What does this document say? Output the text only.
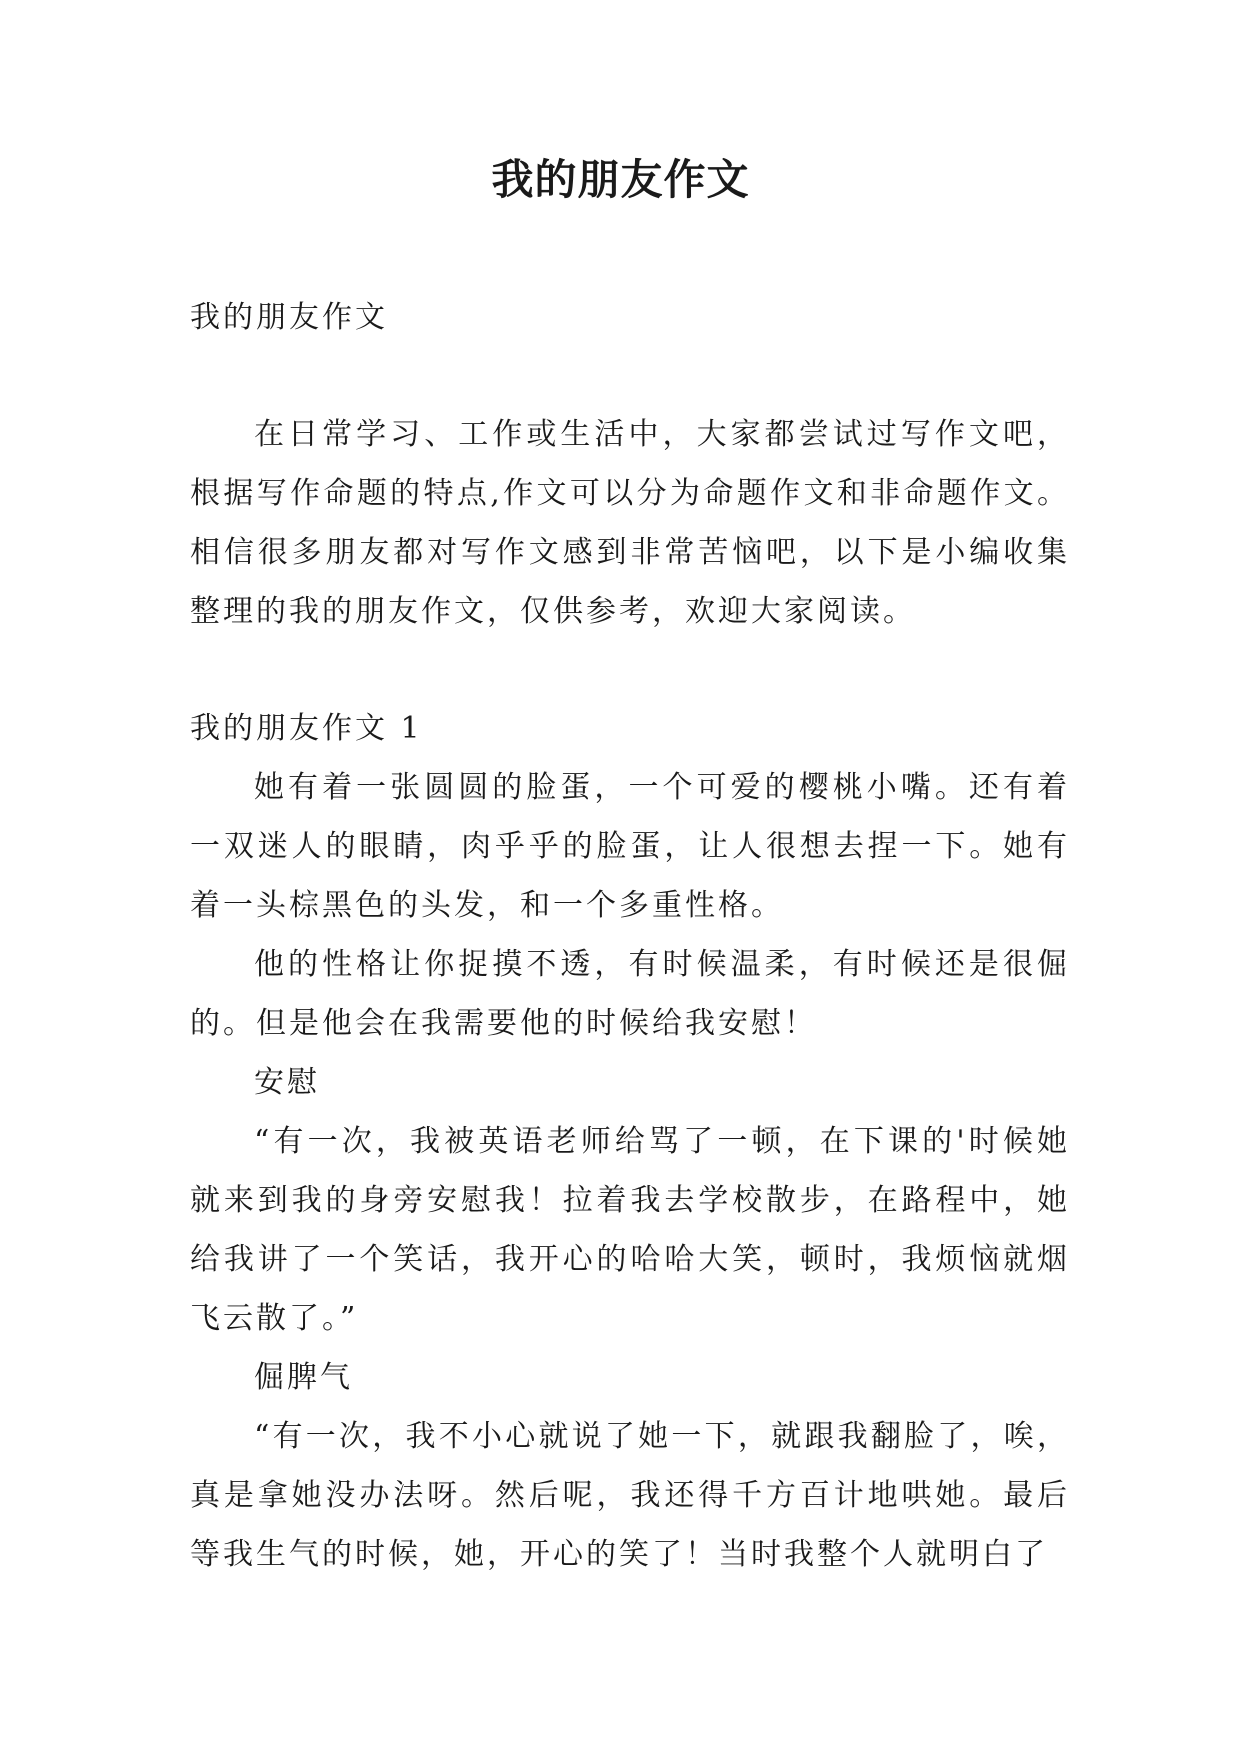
我的朋友作文

我的朋友作文

在日常学习、工作或生活中，大家都尝试过写作文吧，根据写作命题的特点,作文可以分为命题作文和非命题作文。相信很多朋友都对写作文感到非常苦恼吧，以下是小编收集整理的我的朋友作文，仅供参考，欢迎大家阅读。

我的朋友作文 1

她有着一张圆圆的脸蛋，一个可爱的樱桃小嘴。还有着一双迷人的眼睛，肉乎乎的脸蛋，让人很想去捏一下。她有着一头棕黑色的头发，和一个多重性格。

他的性格让你捉摸不透，有时候温柔，有时候还是很倔的。但是他会在我需要他的时候给我安慰！

安慰

“有一次，我被英语老师给骂了一顿，在下课的'时候她就来到我的身旁安慰我！拉着我去学校散步，在路程中，她给我讲了一个笑话，我开心的哈哈大笑，顿时，我烦恼就烟飞云散了。”

倔脾气

“有一次，我不小心就说了她一下，就跟我翻脸了，唉，真是拿她没办法呀。然后呢，我还得千方百计地哄她。最后等我生气的时候，她，开心的笑了！当时我整个人就明白了
